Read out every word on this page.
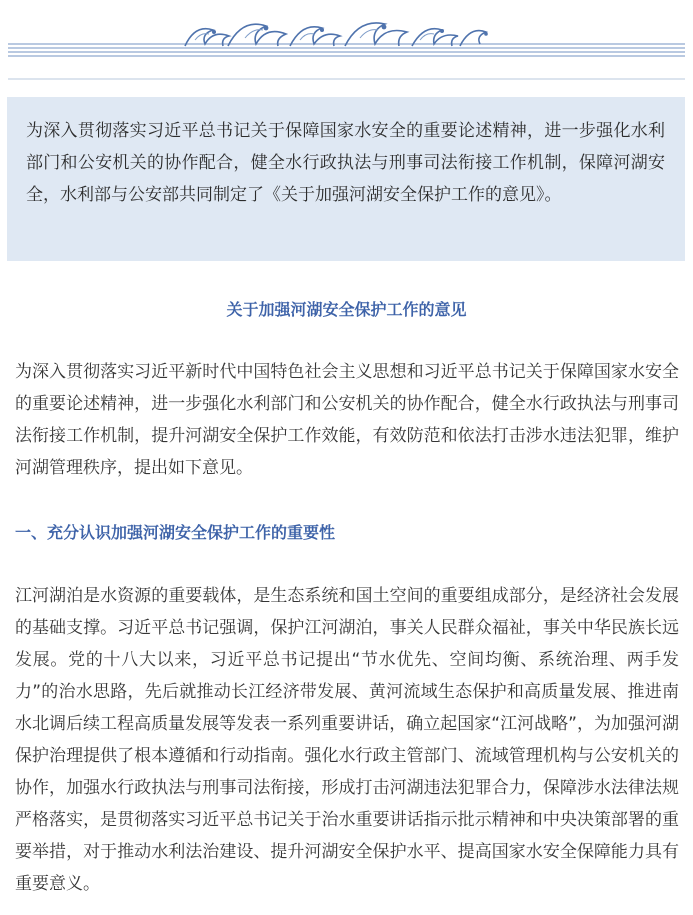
为深入贯彻落实习近平总书记关于保障国家水安全的重要论述精神，进一步强化水利部门和公安机关的协作配合，健全水行政执法与刑事司法衔接工作机制，保障河湖安全，水利部与公安部共同制定了《关于加强河湖安全保护工作的意见》。
关于加强河湖安全保护工作的意见

为深入贯彻落实习近平新时代中国特色社会主义思想和习近平总书记关于保障国家水安全的重要论述精神，进一步强化水利部门和公安机关的协作配合，健全水行政执法与刑事司法衔接工作机制，提升河湖安全保护工作效能，有效防范和依法打击涉水违法犯罪，维护河湖管理秩序，提出如下意见。

一、充分认识加强河湖安全保护工作的重要性

江河湖泊是水资源的重要载体，是生态系统和国土空间的重要组成部分，是经济社会发展的基础支撑。习近平总书记强调，保护江河湖泊，事关人民群众福祉，事关中华民族长远发展。党的十八大以来，习近平总书记提出“节水优先、空间均衡、系统治理、两手发力”的治水思路，先后就推动长江经济带发展、黄河流域生态保护和高质量发展、推进南水北调后续工程高质量发展等发表一系列重要讲话，确立起国家“江河战略”，为加强河湖保护治理提供了根本遵循和行动指南。强化水行政主管部门、流域管理机构与公安机关的协作，加强水行政执法与刑事司法衔接，形成打击河湖违法犯罪合力，保障涉水法律法规严格落实，是贯彻落实习近平总书记关于治水重要讲话指示批示精神和中央决策部署的重要举措，对于推动水利法治建设、提升河湖安全保护水平、提高国家水安全保障能力具有重要意义。
